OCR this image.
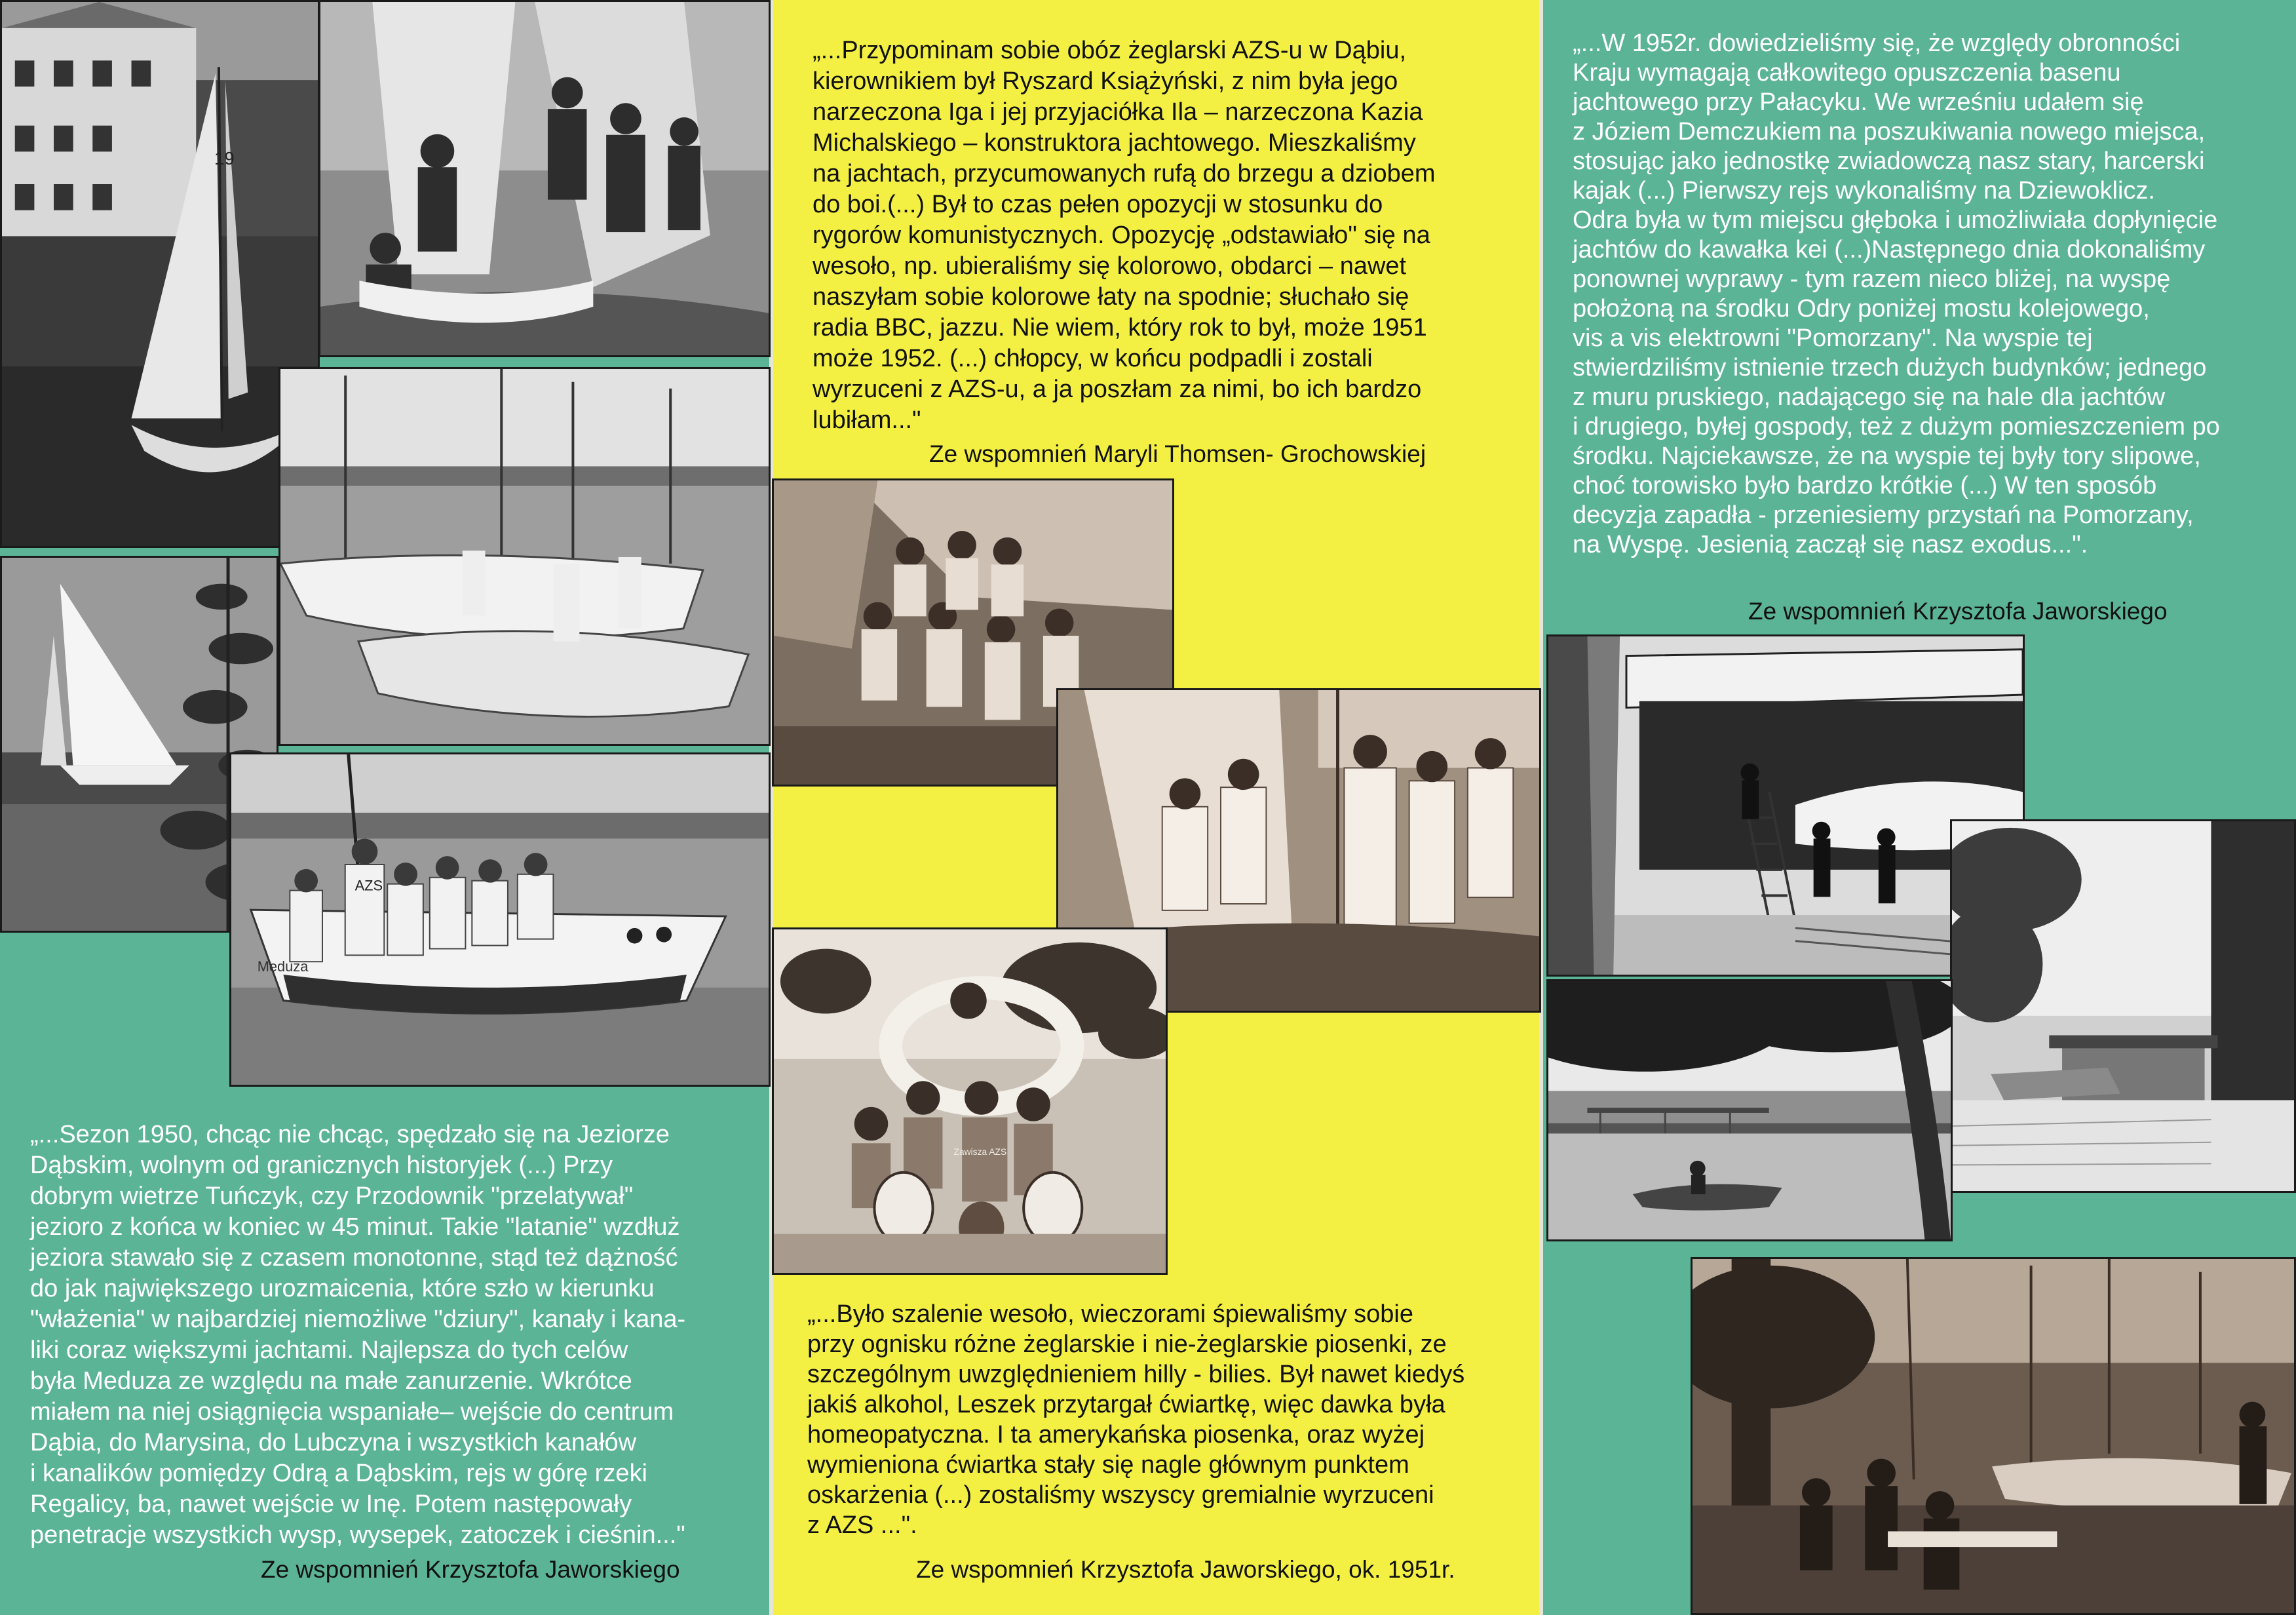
19
AZS
Meduza

„...Sezon 1950, chcąc nie chcąc, spędzało się na Jeziorze

Dąbskim, wolnym od granicznych historyjek (...) Przy

dobrym wietrze Tuńczyk, czy Przodownik "przelatywał"

jezioro z końca w koniec w 45 minut. Takie "latanie" wzdłuż

jeziora stawało się z czasem monotonne, stąd też dążność

do jak największego urozmaicenia, które szło w kierunku

"włażenia" w najbardziej niemożliwe "dziury", kanały i kana-

liki coraz większymi jachtami. Najlepsza do tych celów

była Meduza ze względu na małe zanurzenie. Wkrótce

miałem na niej osiągnięcia wspaniałe– wejście do centrum

Dąbia, do Marysina, do Lubczyna i wszystkich kanałów

i kanalików pomiędzy Odrą a Dąbskim, rejs w górę rzeki

Regalicy, ba, nawet wejście w Inę. Potem następowały

penetracje wszystkich wysp, wysepek, zatoczek i cieśnin..."

Ze wspomnień Krzysztofa Jaworskiego

„...Przypominam sobie obóz żeglarski AZS-u w Dąbiu,

kierownikiem był Ryszard Książyński, z nim była jego

narzeczona Iga i jej przyjaciółka Ila – narzeczona Kazia

Michalskiego – konstruktora jachtowego. Mieszkaliśmy

na jachtach, przycumowanych rufą do brzegu a dziobem

do boi.(...) Był to czas pełen opozycji w stosunku do

rygorów komunistycznych. Opozycję „odstawiało" się na

wesoło, np. ubieraliśmy się kolorowo, obdarci – nawet

naszyłam sobie kolorowe łaty na spodnie; słuchało się

radia BBC, jazzu. Nie wiem, który rok to był, może 1951

może 1952. (...) chłopcy, w końcu podpadli i zostali

wyrzuceni z AZS-u, a ja poszłam za nimi, bo ich bardzo

lubiłam..."

Ze wspomnień Maryli Thomsen- Grochowskiej
Zawisza AZS

„...Było szalenie wesoło, wieczorami śpiewaliśmy sobie

przy ognisku różne żeglarskie i nie-żeglarskie piosenki, ze

szczególnym uwzględnieniem hilly - bilies. Był nawet kiedyś

jakiś alkohol, Leszek przytargał ćwiartkę, więc dawka była

homeopatyczna. I ta amerykańska piosenka, oraz wyżej

wymieniona ćwiartka stały się nagle głównym punktem

oskarżenia (...) zostaliśmy wszyscy gremialnie wyrzuceni

z AZS ...".

Ze wspomnień Krzysztofa Jaworskiego, ok. 1951r.

„...W 1952r. dowiedzieliśmy się, że względy obronności

Kraju wymagają całkowitego opuszczenia basenu

jachtowego przy Pałacyku. We wrześniu udałem się

z Józiem Demczukiem na poszukiwania nowego miejsca,

stosując jako jednostkę zwiadowczą nasz stary, harcerski

kajak (...) Pierwszy rejs wykonaliśmy na Dziewoklicz.

Odra była w tym miejscu głęboka i umożliwiała dopłynięcie

jachtów do kawałka kei (...)Następnego dnia dokonaliśmy

ponownej wyprawy - tym razem nieco bliżej, na wyspę

położoną na środku Odry poniżej mostu kolejowego,

vis a vis elektrowni "Pomorzany". Na wyspie tej

stwierdziliśmy istnienie trzech dużych budynków; jednego

z muru pruskiego, nadającego się na hale dla jachtów

i drugiego, byłej gospody, też z dużym pomieszczeniem po

środku. Najciekawsze, że na wyspie tej były tory slipowe,

choć torowisko było bardzo krótkie (...) W ten sposób

decyzja zapadła - przeniesiemy przystań na Pomorzany,

na Wyspę. Jesienią zaczął się nasz exodus...".

Ze wspomnień Krzysztofa Jaworskiego
